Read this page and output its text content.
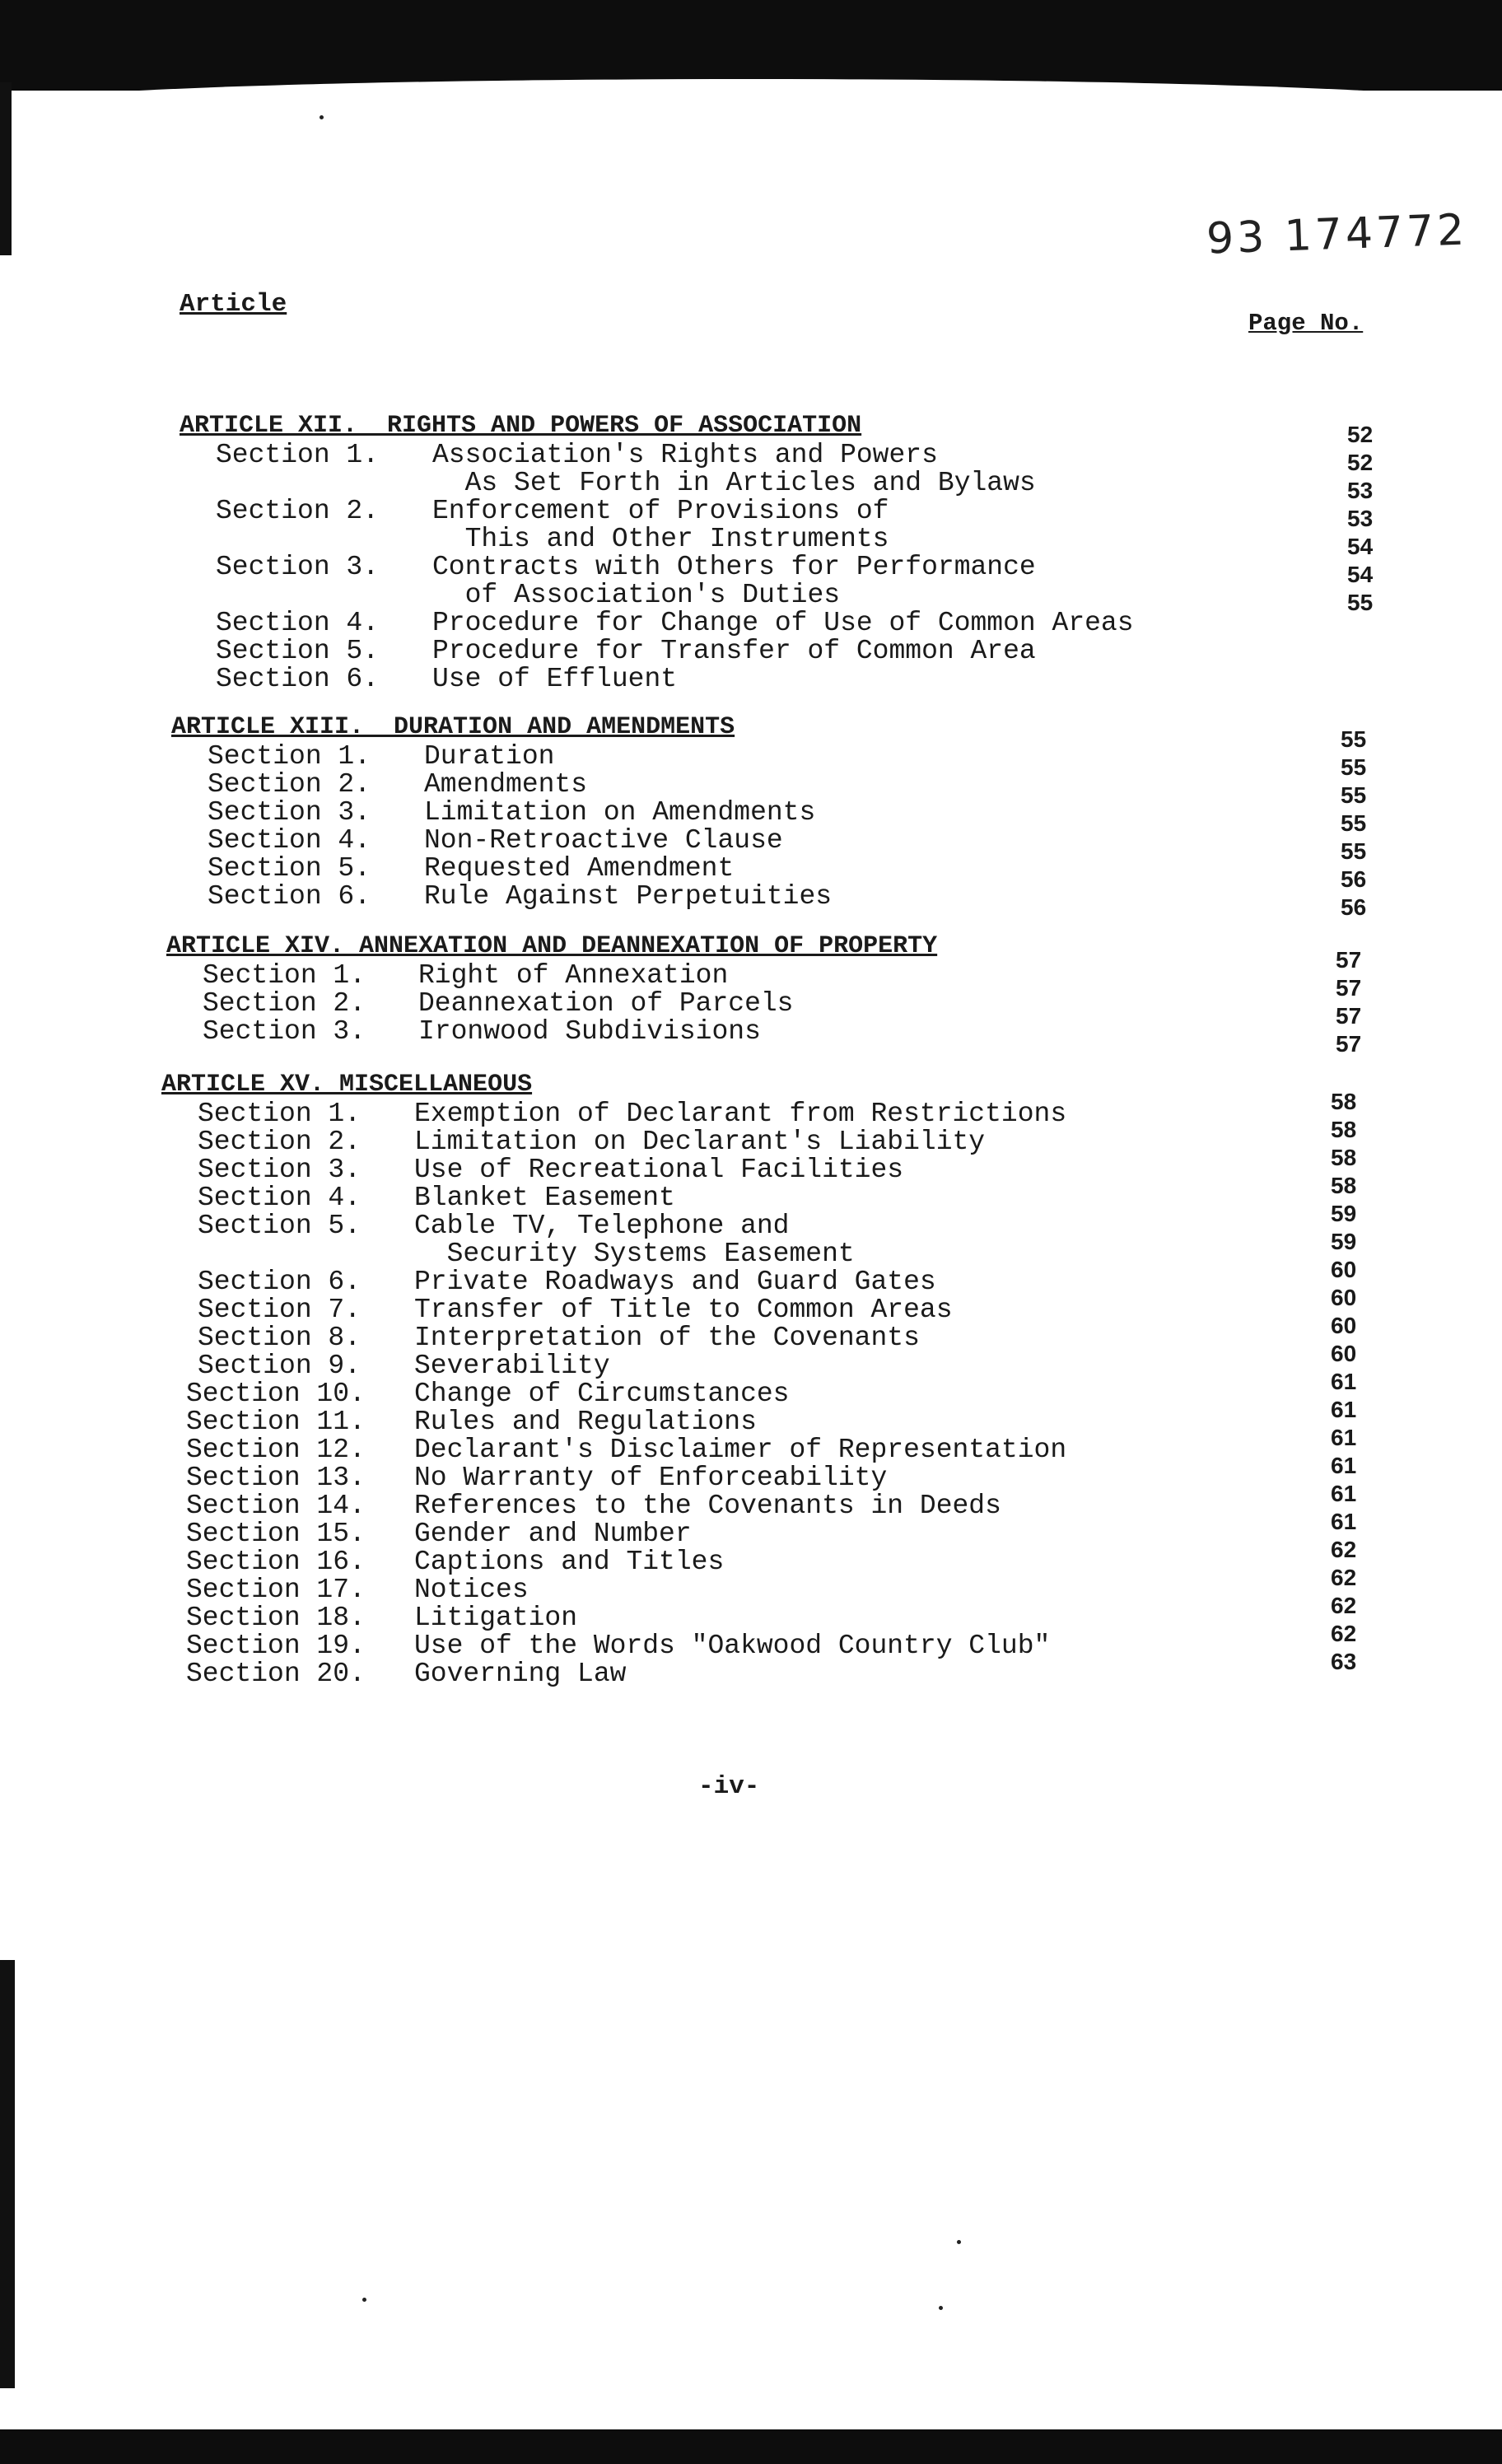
93 174772
Article
Page No.
ARTICLE XII.  RIGHTS AND POWERS OF ASSOCIATION
Section 1. Association's Rights and Powers
As Set Forth in Articles and Bylaws
Section 2. Enforcement of Provisions of
This and Other Instruments
Section 3. Contracts with Others for Performance
of Association's Duties
Section 4. Procedure for Change of Use of Common Areas
Section 5. Procedure for Transfer of Common Area
Section 6. Use of Effluent
52
52
53
53
54
54
55
ARTICLE XIII.  DURATION AND AMENDMENTS
Section 1. Duration
Section 2. Amendments
Section 3. Limitation on Amendments
Section 4. Non-Retroactive Clause
Section 5. Requested Amendment
Section 6. Rule Against Perpetuities
55
55
55
55
55
56
56
ARTICLE XIV. ANNEXATION AND DEANNEXATION OF PROPERTY
Section 1. Right of Annexation
Section 2. Deannexation of Parcels
Section 3. Ironwood Subdivisions
57
57
57
57
ARTICLE XV. MISCELLANEOUS
Section 1. Exemption of Declarant from Restrictions
Section 2. Limitation on Declarant's Liability
Section 3. Use of Recreational Facilities
Section 4. Blanket Easement
Section 5. Cable TV, Telephone and
Security Systems Easement
Section 6. Private Roadways and Guard Gates
Section 7. Transfer of Title to Common Areas
Section 8. Interpretation of the Covenants
Section 9. Severability
Section 10. Change of Circumstances
Section 11. Rules and Regulations
Section 12. Declarant's Disclaimer of Representation
Section 13. No Warranty of Enforceability
Section 14. References to the Covenants in Deeds
Section 15. Gender and Number
Section 16. Captions and Titles
Section 17. Notices
Section 18. Litigation
Section 19. Use of the Words "Oakwood Country Club"
Section 20. Governing Law
58
58
58
58
59
59
60
60
60
60
61
61
61
61
61
61
62
62
62
62
63
-iv-
